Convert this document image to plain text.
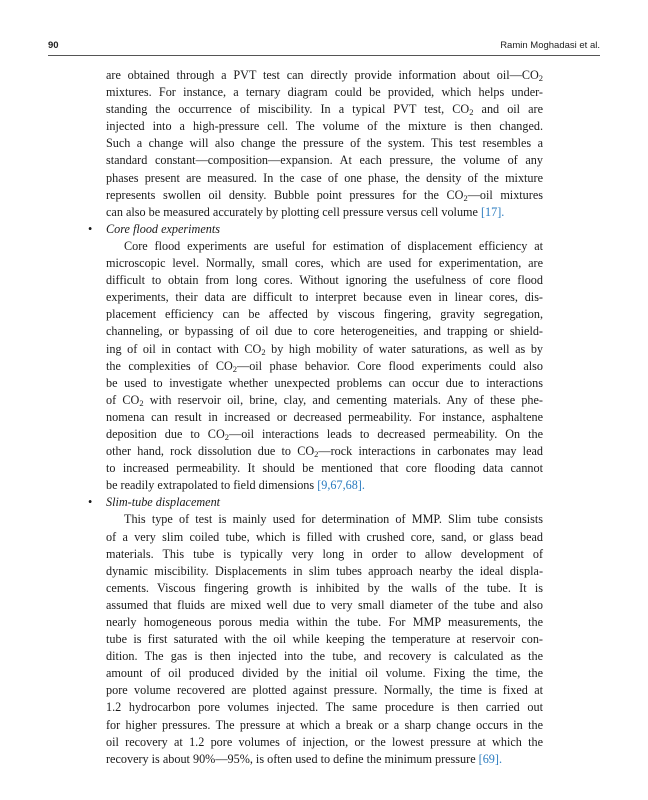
90	Ramin Moghadasi et al.
are obtained through a PVT test can directly provide information about $oil—CO_2$
mixtures. For instance, a ternary diagram could be provided, which helps under-
standing the occurrence of miscibility. In a typical PVT test, $CO_2$ and oil are
injected into a high-pressure cell. The volume of the mixture is then changed.
Such a change will also change the pressure of the system. This test resembles a
standard constant—composition—expansion. At each pressure, the volume of any
phases present are measured. In the case of one phase, the density of the mixture
represents swollen oil density. Bubble point pressures for the $CO_2—oil$ mixtures
can also be measured accurately by plotting cell pressure versus cell volume [17].
• Core flood experiments
Core flood experiments are useful for estimation of displacement efficiency at
microscopic level. Normally, small cores, which are used for experimentation, are
difficult to obtain from long cores. Without ignoring the usefulness of core flood
experiments, their data are difficult to interpret because even in linear cores, dis-
placement efficiency can be affected by viscous fingering, gravity segregation,
channeling, or bypassing of oil due to core heterogeneities, and trapping or shield-
ing of oil in contact with $CO_2$ by high mobility of water saturations, as well as by
the complexities of $CO_2—oil$ phase behavior. Core flood experiments could also
be used to investigate whether unexpected problems can occur due to interactions
of $CO_2$ with reservoir oil, brine, clay, and cementing materials. Any of these phe-
nomena can result in increased or decreased permeability. For instance, asphaltene
deposition due to $CO_2—oil$ interactions leads to decreased permeability. On the
other hand, rock dissolution due to $CO_2—rock$ interactions in carbonates may lead
to increased permeability. It should be mentioned that core flooding data cannot
be readily extrapolated to field dimensions [9,67,68].
• Slim-tube displacement
This type of test is mainly used for determination of MMP. Slim tube consists
of a very slim coiled tube, which is filled with crushed core, sand, or glass bead
materials. This tube is typically very long in order to allow development of
dynamic miscibility. Displacements in slim tubes approach nearby the ideal displa-
cements. Viscous fingering growth is inhibited by the walls of the tube. It is
assumed that fluids are mixed well due to very small diameter of the tube and also
nearly homogeneous porous media within the tube. For MMP measurements, the
tube is first saturated with the oil while keeping the temperature at reservoir con-
dition. The gas is then injected into the tube, and recovery is calculated as the
amount of oil produced divided by the initial oil volume. Fixing the time, the
pore volume recovered are plotted against pressure. Normally, the time is fixed at
1.2 hydrocarbon pore volumes injected. The same procedure is then carried out
for higher pressures. The pressure at which a break or a sharp change occurs in the
oil recovery at 1.2 pore volumes of injection, or the lowest pressure at which the
recovery is about 90%—95%, is often used to define the minimum pressure [69].
